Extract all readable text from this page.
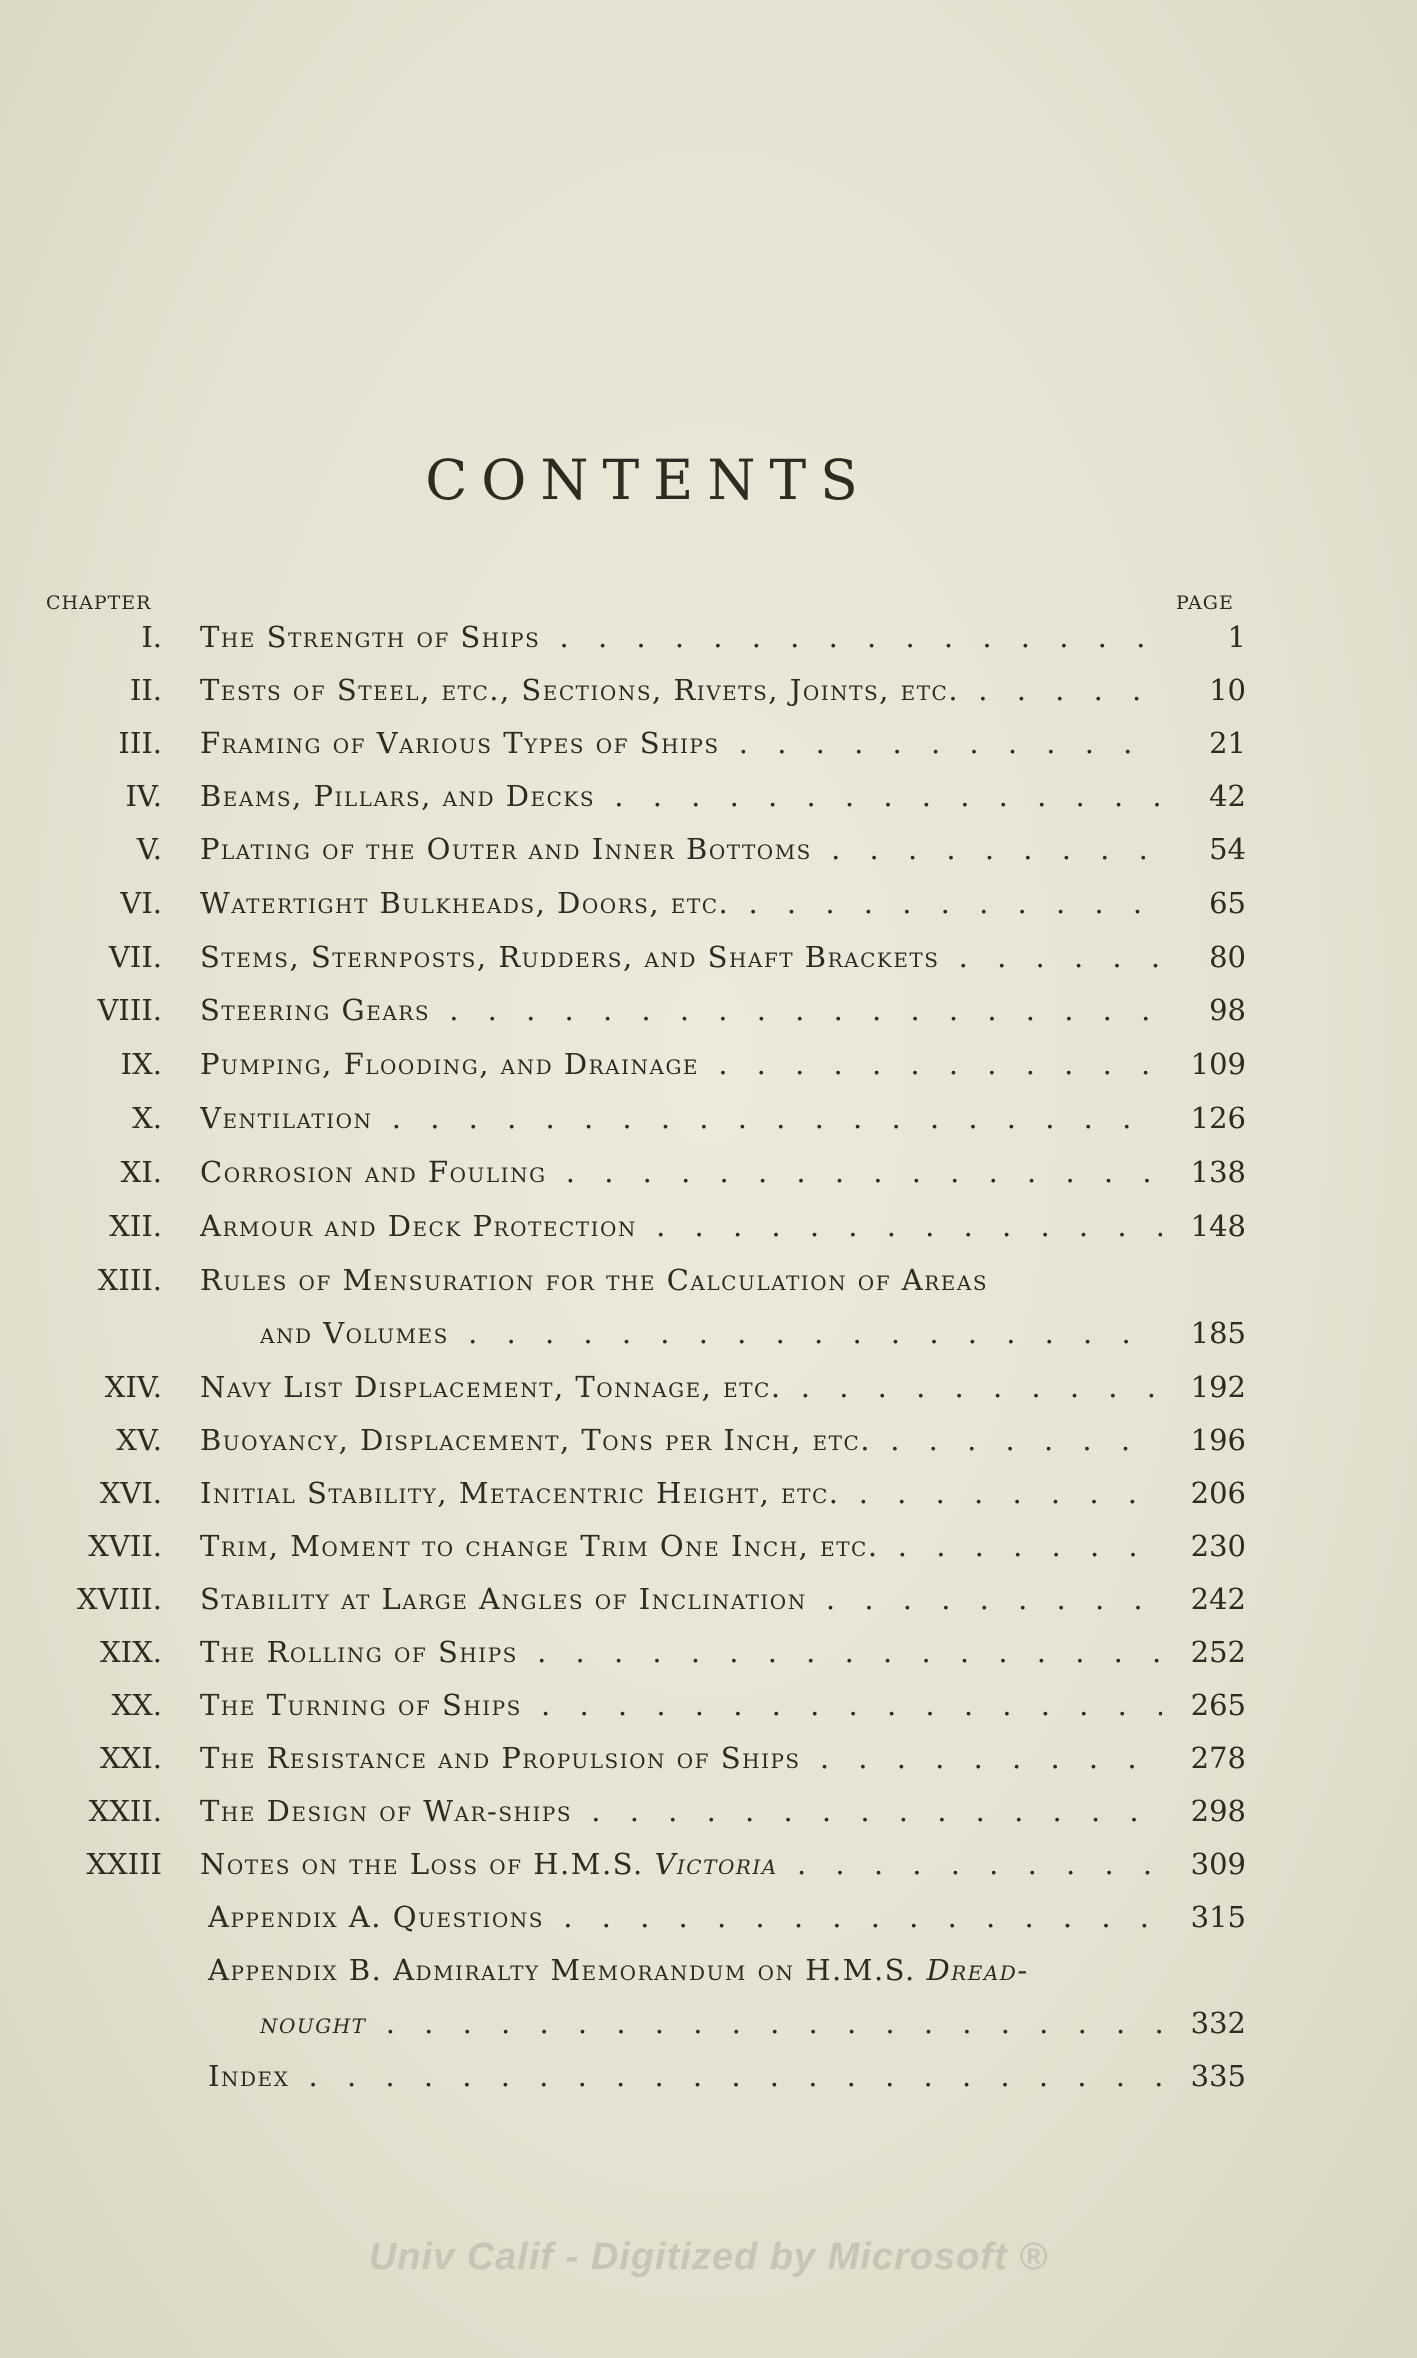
CONTENTS
CHAPTER	PAGE
I. The Strength of Ships . . .	1
II. Tests of Steel, etc., Sections, Rivets, Joints, etc. . . .	10
III. Framing of Various Types of Ships . . .	21
IV. Beams, Pillars, and Decks . . .	42
V. Plating of the Outer and Inner Bottoms . . .	54
VI. Watertight Bulkheads, Doors, etc. . . .	65
VII. Stems, Sternposts, Rudders, and Shaft Brackets . . .	80
VIII. Steering Gears . . .	98
IX. Pumping, Flooding, and Drainage . . .	109
X. Ventilation . . .	126
XI. Corrosion and Fouling . . .	138
XII. Armour and Deck Protection . . .	148
XIII. Rules of Mensuration for the Calculation of Areas
and Volumes . . .	185
XIV. Navy List Displacement, Tonnage, etc. . . .	192
XV. Buoyancy, Displacement, Tons per Inch, etc. . . .	196
XVI. Initial Stability, Metacentric Height, etc. . . .	206
XVII. Trim, Moment to change Trim One Inch, etc. . . .	230
XVIII. Stability at Large Angles of Inclination . . .	242
XIX. The Rolling of Ships . . .	252
XX. The Turning of Ships . . .	265
XXI. The Resistance and Propulsion of Ships . . .	278
XXII. The Design of War-ships . . .	298
XXIII Notes on the Loss of H.M.S. Victoria . . .	309
Appendix A. Questions . . .	315
Appendix B. Admiralty Memorandum on H.M.S. Dread-
nought . . .	332
Index . . .	335
Univ Calif - Digitized by Microsoft ®
